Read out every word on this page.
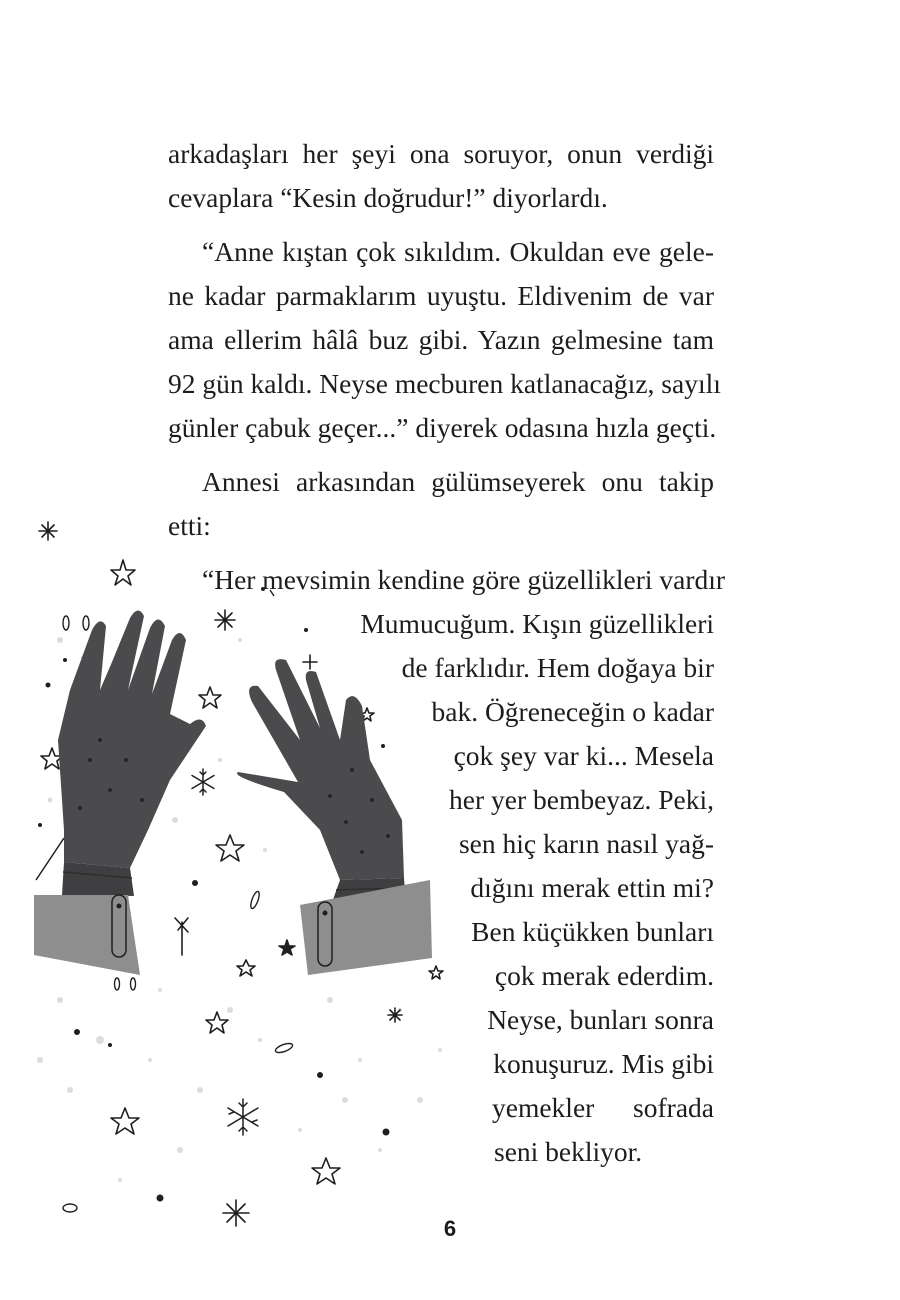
arkadaşları her şeyi ona soruyor, onun verdiği
cevaplara “Kesin doğrudur!” diyorlardı.
“Anne kıştan çok sıkıldım. Okuldan eve gele-
ne kadar parmaklarım uyuştu. Eldivenim de var
ama ellerim hâlâ buz gibi. Yazın gelmesine tam
92 gün kaldı. Neyse mecburen katlanacağız, sayılı
günler çabuk geçer...” diyerek odasına hızla geçti.
Annesi arkasından gülümseyerek onu takip
etti:
“Her mevsimin kendine göre güzellikleri vardır
Mumucuğum. Kışın güzellikleri
de farklıdır. Hem doğaya bir
bak. Öğreneceğin o kadar
çok şey var ki... Mesela
her yer bembeyaz. Peki,
sen hiç karın nasıl yağ-
dığını merak ettin mi?
Ben küçükken bunları
çok merak ederdim.
Neyse, bunları sonra
konuşuruz. Mis gibi
yemekler sofrada
seni bekliyor.
6
